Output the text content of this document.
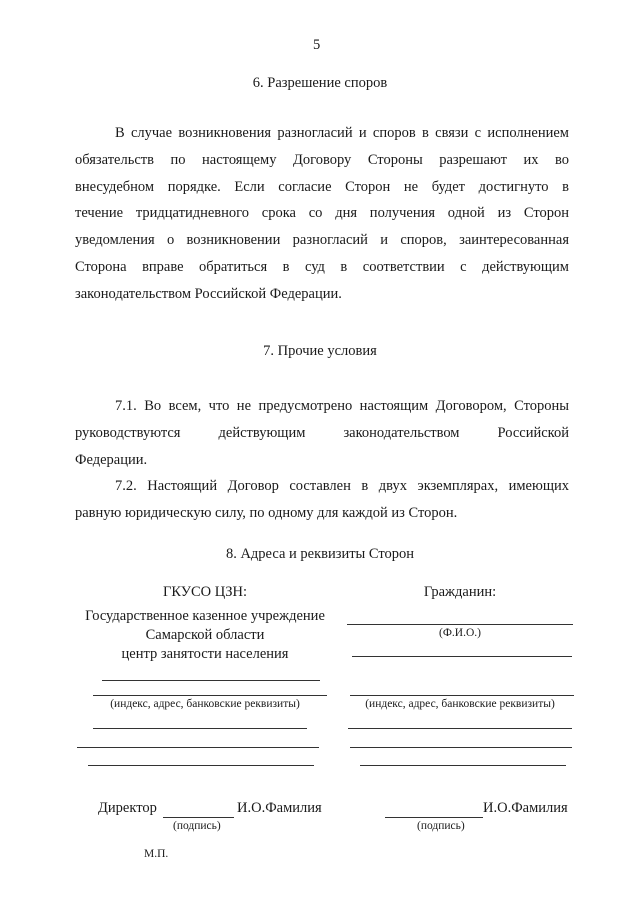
5
6. Разрешение споров
В случае возникновения разногласий и споров в связи с исполнением
обязательств по настоящему Договору Стороны разрешают их во
внесудебном порядке. Если согласие Сторон не будет достигнуто в
течение тридцатидневного срока со дня получения одной из Сторон
уведомления о возникновении разногласий и споров, заинтересованная
Сторона вправе обратиться в суд в соответствии с действующим
законодательством Российской Федерации.
7. Прочие условия
7.1. Во всем, что не предусмотрено настоящим Договором, Стороны
руководствуются действующим законодательством Российской
Федерации.
7.2. Настоящий Договор составлен в двух экземплярах, имеющих
равную юридическую силу, по одному для каждой из Сторон.
8. Адреса и реквизиты Сторон
ГКУСО ЦЗН:
Государственное казенное учреждение
Самарской области
центр занятости населения
(индекс, адрес, банковские реквизиты)
Гражданин:
(Ф.И.О.)
(индекс, адрес, банковские реквизиты)
Директор	И.О.Фамилия
(подпись)
М.П.
И.О.Фамилия
(подпись)
